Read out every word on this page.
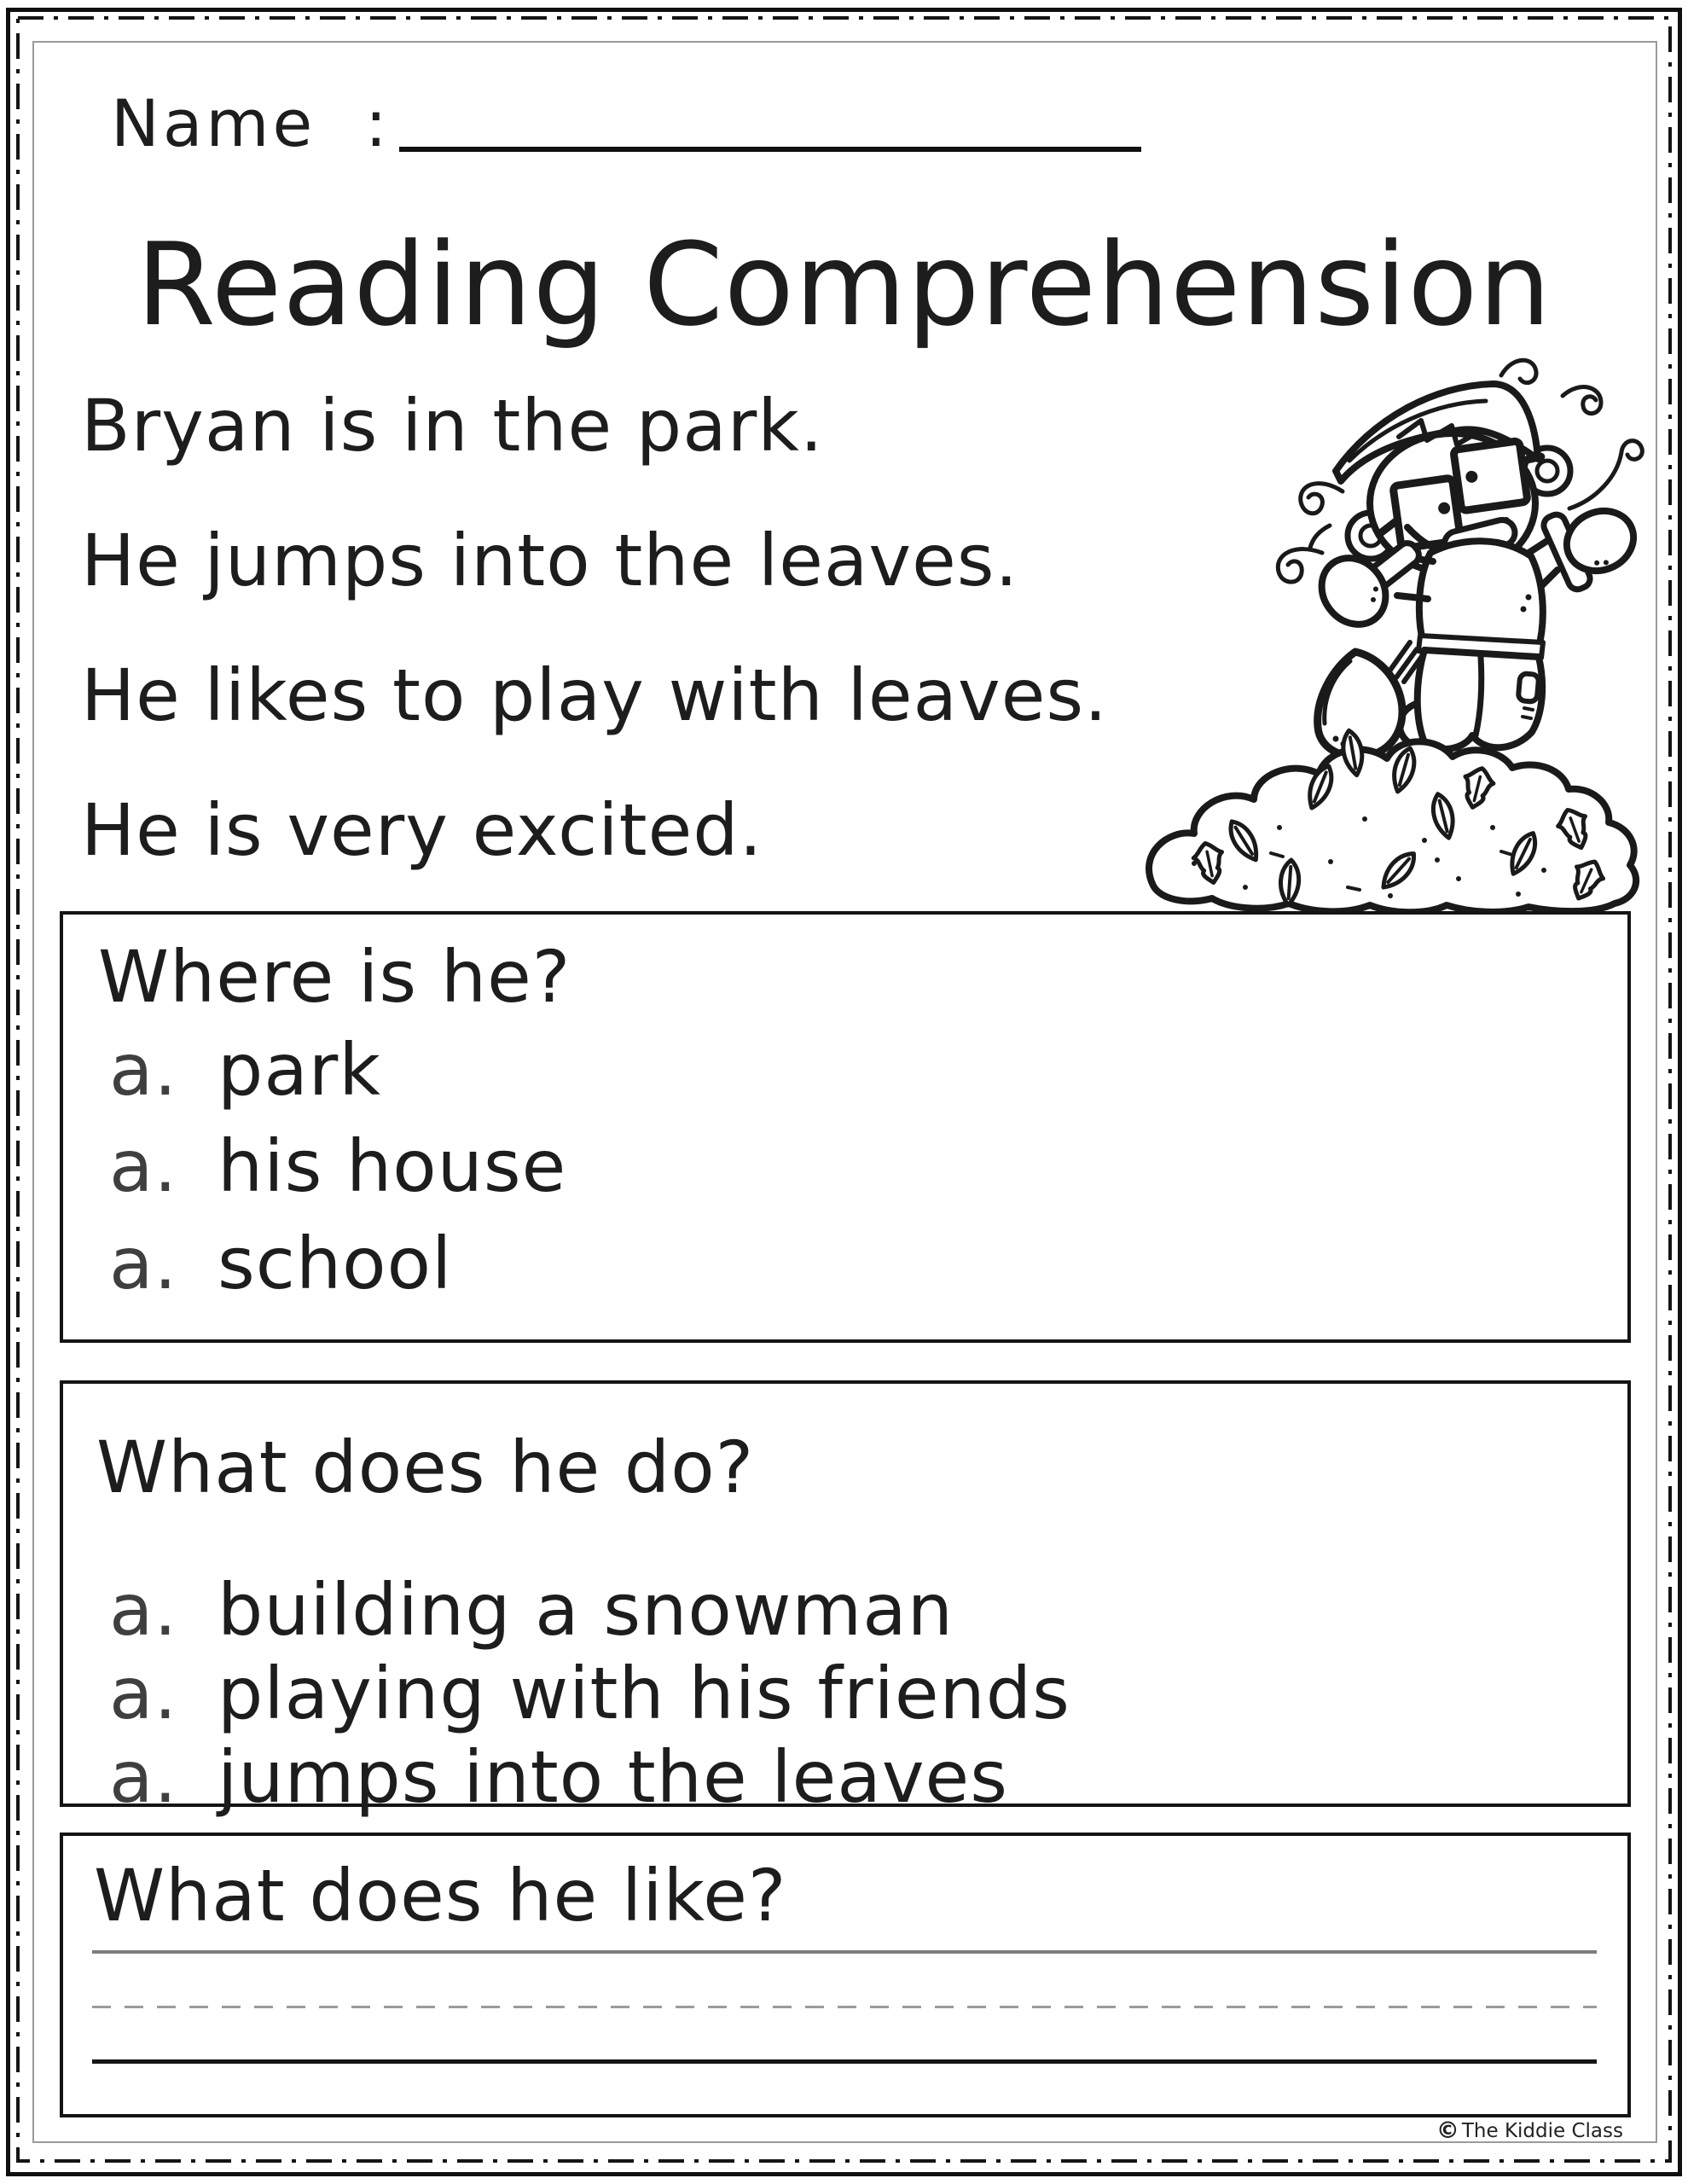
Name :
Reading Comprehension
Bryan is in the park.
He jumps into the leaves.
He likes to play with leaves.
He is very excited.
Where is he?
a. park
a. his house
a. school
What does he do?
a. building a snowman
a. playing with his friends
a. jumps into the leaves
What does he like?
© The Kiddie Class
